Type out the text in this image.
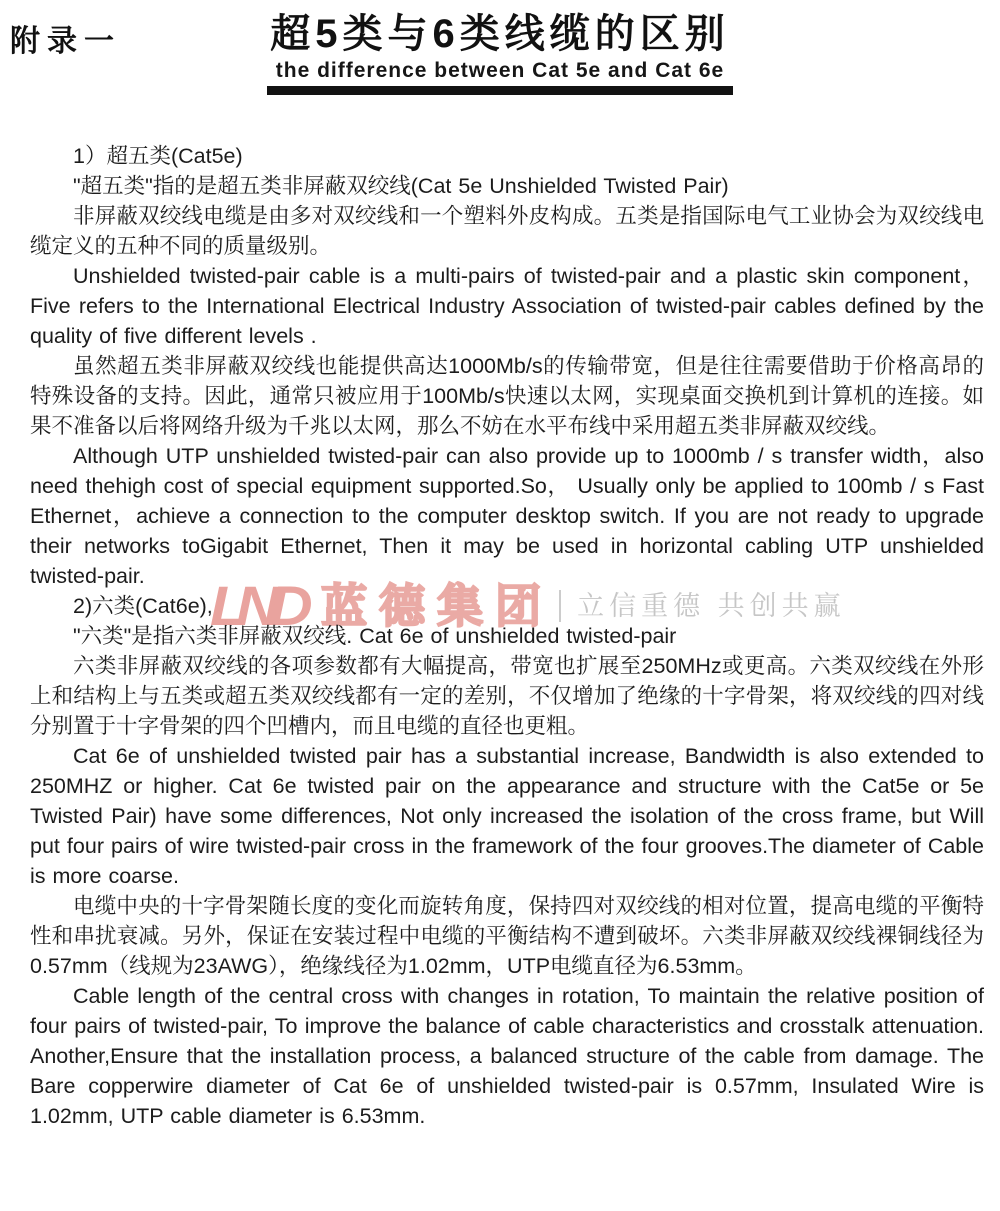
附录一	超5类与6类线缆的区别
the difference between Cat 5e and Cat 6e
LND 蓝德集团 立信重德 共创共赢

1）超五类(Cat5e)

"超五类"指的是超五类非屏蔽双绞线(Cat 5e Unshielded Twisted Pair)

非屏蔽双绞线电缆是由多对双绞线和一个塑料外皮构成。五类是指国际电气工业协会为双绞线电缆定义的五种不同的质量级别。

Unshielded twisted-pair cable is a multi-pairs of twisted-pair and a plastic skin component， Five refers to the International Electrical Industry Association of twisted-pair cables defined by the quality of five different levels .

虽然超五类非屏蔽双绞线也能提供高达1000Mb/s的传输带宽，但是往往需要借助于价格高昂的特殊设备的支持。因此，通常只被应用于100Mb/s快速以太网，实现桌面交换机到计算机的连接。如果不准备以后将网络升级为千兆以太网，那么不妨在水平布线中采用超五类非屏蔽双绞线。

Although UTP unshielded twisted-pair can also provide up to 1000mb / s transfer width，also need thehigh cost of special equipment supported.So， Usually only be applied to 100mb / s Fast Ethernet，achieve a connection to the computer desktop switch. If you are not ready to upgrade their networks toGigabit Ethernet, Then it may be used in horizontal cabling UTP unshielded twisted-pair.

2)六类(Cat6e),

"六类"是指六类非屏蔽双绞线. Cat 6e of unshielded twisted-pair

六类非屏蔽双绞线的各项参数都有大幅提高，带宽也扩展至250MHz或更高。六类双绞线在外形上和结构上与五类或超五类双绞线都有一定的差别，不仅增加了绝缘的十字骨架，将双绞线的四对线分别置于十字骨架的四个凹槽内，而且电缆的直径也更粗。

Cat 6e of unshielded twisted pair has a substantial increase, Bandwidth is also extended to 250MHZ or higher. Cat 6e twisted pair on the appearance and structure with the Cat5e or 5e Twisted Pair) have some differences, Not only increased the isolation of the cross frame, but Will put four pairs of wire twisted-pair cross in the framework of the four grooves.The diameter of Cable is more coarse.

电缆中央的十字骨架随长度的变化而旋转角度，保持四对双绞线的相对位置，提高电缆的平衡特性和串扰衰减。另外，保证在安装过程中电缆的平衡结构不遭到破坏。六类非屏蔽双绞线裸铜线径为0.57mm（线规为23AWG），绝缘线径为1.02mm，UTP电缆直径为6.53mm。

Cable length of the central cross with changes in rotation, To maintain the relative position of four pairs of twisted-pair, To improve the balance of cable characteristics and crosstalk attenuation. Another,Ensure that the installation process, a balanced structure of the cable from damage. The Bare copperwire diameter of Cat 6e of unshielded twisted-pair is 0.57mm, Insulated Wire is 1.02mm, UTP cable diameter is 6.53mm.
